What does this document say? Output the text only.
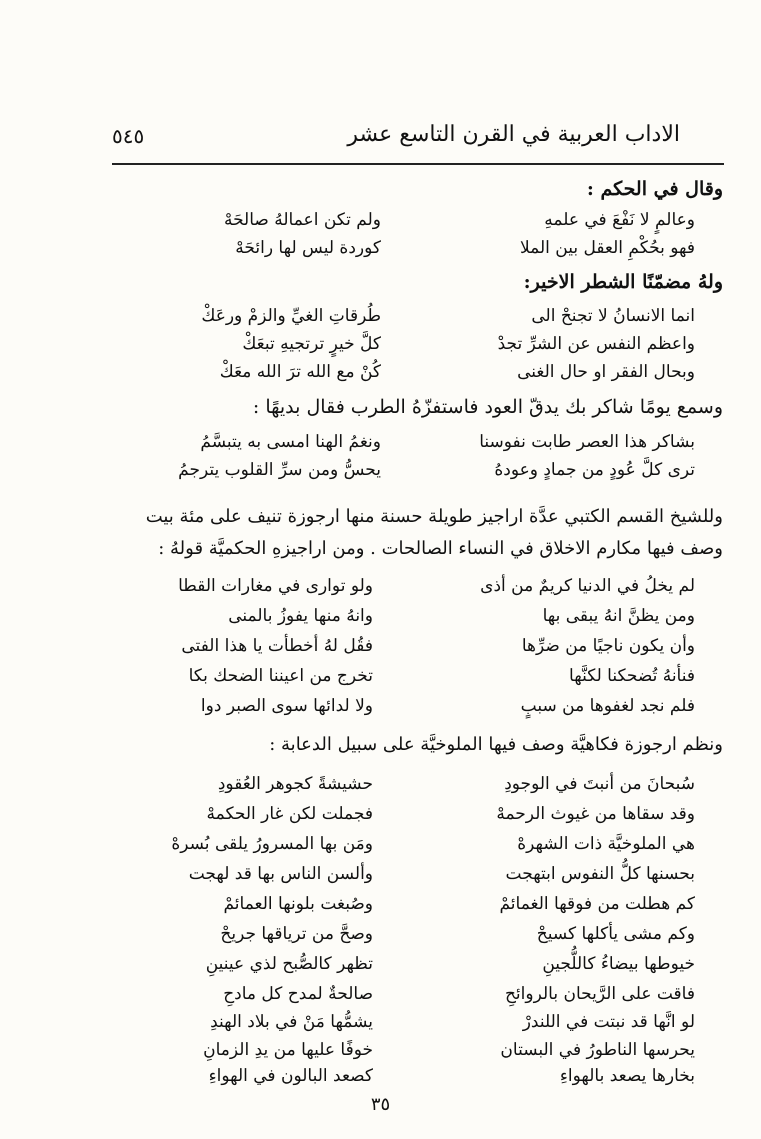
الاداب العربية في القرن التاسع عشر
٥٤٥
وقال في الحكم :
وعالمٍ لا نَفْعَ في علمهِ
ولم تكن اعمالهُ صالحَهْ
فهو بحُكْمِ العقل بين الملا
كوردة ليس لها رائحَهْ
ولهُ مضمّنًا الشطر الاخير:
انما الانسانُ لا تجنحْ الى
طُرقاتِ الغيِّ والزمْ ورعَكْ
واعظم النفس عن الشرِّ تجدْ
كلَّ خيرٍ ترتجيهِ تبعَكْ
وبحال الفقر او حال الغنى
كُنْ مع الله ترَ الله معَكْ
وسمع يومًا شاكر بك يدقّ العود فاستفزّهُ الطرب فقال بديهًا :
بشاكر هذا العصر طابت نفوسنا
ونغمُ الهنا امسى به يتبسَّمُ
ترى كلَّ عُودٍ من جمادٍ وعودهُ
يحسُّ ومن سرِّ القلوب يترجمُ
وللشيخ القسم الكتبي عدَّة اراجيز طويلة حسنة منها ارجوزة تنيف على مئة بيت
وصف فيها مكارم الاخلاق في النساء الصالحات . ومن اراجيزهِ الحكميَّة قولهُ :
لم يخلُ في الدنيا كريمٌ من أذى
ولو توارى في مغارات القطا
ومن يظنَّ انهُ يبقى بها
وانهُ منها يفوزُ بالمنى
وأن يكون ناجيًا من ضرِّها
فقُل لهُ أخطأت يا هذا الفتى
فنأنهُ تُضحكنا لكنَّها
تخرج من اعيننا الضحك بكا
فلم نجد لغفوها من سببٍ
ولا لدائها سوى الصبر دوا
ونظم ارجوزة فكاهيَّة وصف فيها الملوخيَّة على سبيل الدعابة :
سُبحانَ من أنبتَ في الوجودِ
حشيشةً كجوهر العُقودِ
وقد سقاها من غيوث الرحمهْ
فجملت لكن غار الحكمهْ
هي الملوخيَّة ذات الشهرهْ
ومَن بها المسرورُ يلقى بُسرهْ
بحسنها كلُّ النفوس ابتهجت
وألسن الناس بها قد لهجت
كم هطلت من فوقها الغمائمْ
وصُبغت بلونها العمائمْ
وكم مشى يأكلها كسيحْ
وصحَّ من ترياقها جريحْ
خيوطها بيضاءُ كاللُّجينِ
تظهر كالصُّبح لذي عينينِ
فاقت على الرَّيحان بالروائحِ
صالحةٌ لمدح كل مادحِ
لو انَّها قد نبتت في اللندرْ
يشمُّها مَنْ في بلاد الهندِ
يحرسها الناطورُ في البستان
خوفًا عليها من يدِ الزمانِ
بخارها يصعد بالهواءِ
كصعد البالون في الهواءِ
٣٥
